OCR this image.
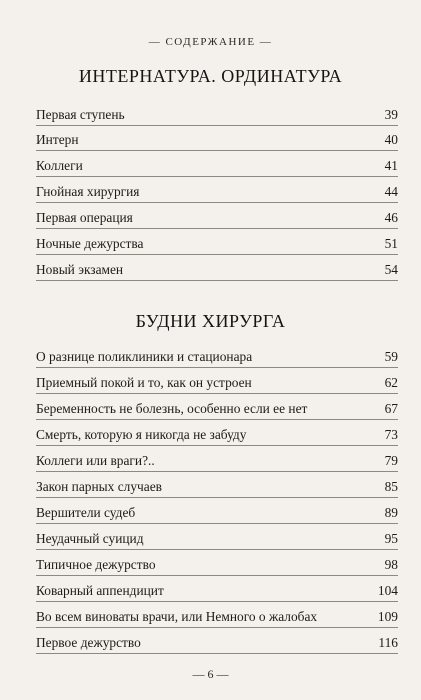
— СОДЕРЖАНИЕ —
ИНТЕРНАТУРА. ОРДИНАТУРА
Первая ступень	39
Интерн	40
Коллеги	41
Гнойная хирургия	44
Первая операция	46
Ночные дежурства	51
Новый экзамен	54
БУДНИ ХИРУРГА
О разнице поликлиники и стационара	59
Приемный покой и то, как он устроен	62
Беременность не болезнь, особенно если ее нет	67
Смерть, которую я никогда не забуду	73
Коллеги или враги?..	79
Закон парных случаев	85
Вершители судеб	89
Неудачный суицид	95
Типичное дежурство	98
Коварный аппендицит	104
Во всем виноваты врачи, или Немного о жалобах	109
Первое дежурство	116
— 6 —
